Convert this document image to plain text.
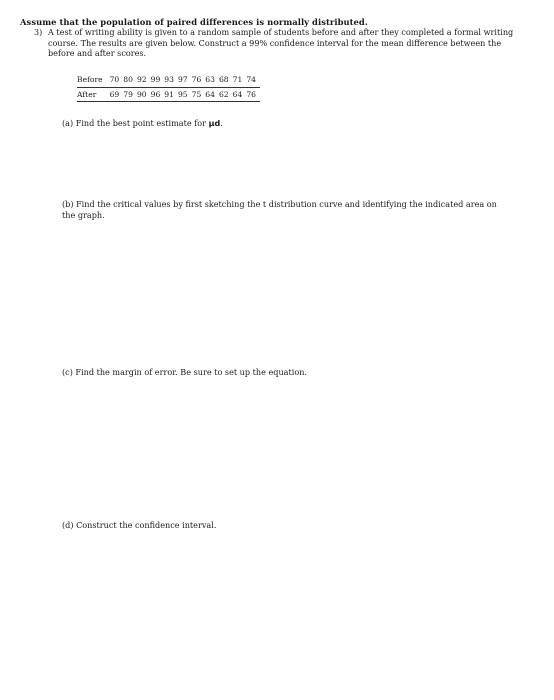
Assume that the population of paired differences is normally distributed.
3) A test of writing ability is given to a random sample of students before and after they completed a formal writing course. The results are given below. Construct a 99% confidence interval for the mean difference between the before and after scores.
Before	70	80	92	99	93	97	76	63	68	71	74
After	69	79	90	96	91	95	75	64	62	64	76
(a) Find the best point estimate for μd.
(b) Find the critical values by first sketching the t distribution curve and identifying the indicated area on the graph.
(c) Find the margin of error. Be sure to set up the equation.
(d) Construct the confidence interval.
